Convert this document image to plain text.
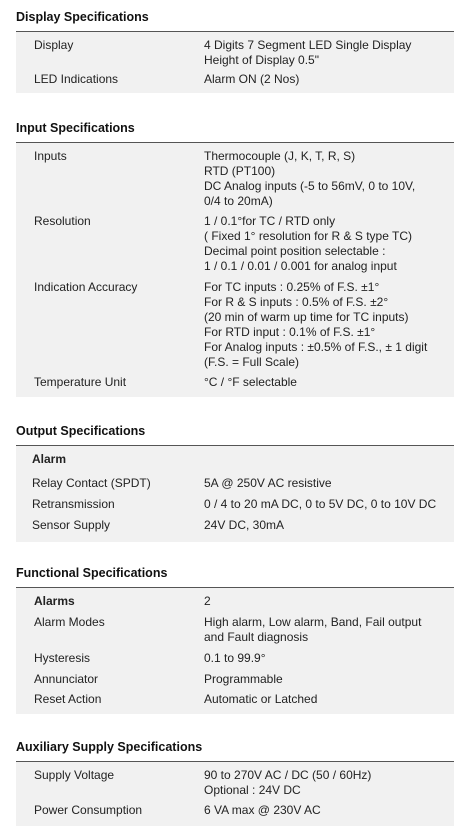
Display Specifications
Display	4 Digits 7 Segment LED Single Display
Height of Display 0.5"
LED Indications	Alarm ON (2 Nos)
Input Specifications
Inputs	Thermocouple (J, K, T, R, S)
RTD (PT100)
DC Analog inputs (-5 to 56mV, 0 to 10V,
0/4 to 20mA)
Resolution	1 / 0.1°for TC / RTD only
( Fixed 1° resolution for R & S type TC)
Decimal point position selectable :
1 / 0.1 / 0.01 / 0.001 for analog input
Indication Accuracy	For TC inputs : 0.25% of F.S. ±1°
For R & S inputs : 0.5% of F.S. ±2°
(20 min of warm up time for TC inputs)
For RTD input : 0.1% of F.S. ±1°
For Analog inputs : ±0.5% of F.S., ± 1 digit
(F.S. = Full Scale)
Temperature Unit	°C / °F selectable
Output Specifications
Alarm
Relay Contact (SPDT)	5A @ 250V AC resistive
Retransmission	0 / 4 to 20 mA DC, 0 to 5V DC, 0 to 10V DC
Sensor Supply	24V DC, 30mA
Functional Specifications
Alarms	2
Alarm Modes	High alarm, Low alarm, Band, Fail output
and Fault diagnosis
Hysteresis	0.1 to 99.9°
Annunciator	Programmable
Reset Action	Automatic or Latched
Auxiliary Supply Specifications
Supply Voltage	90 to 270V AC / DC (50 / 60Hz)
Optional : 24V DC
Power Consumption	6 VA max @ 230V AC
